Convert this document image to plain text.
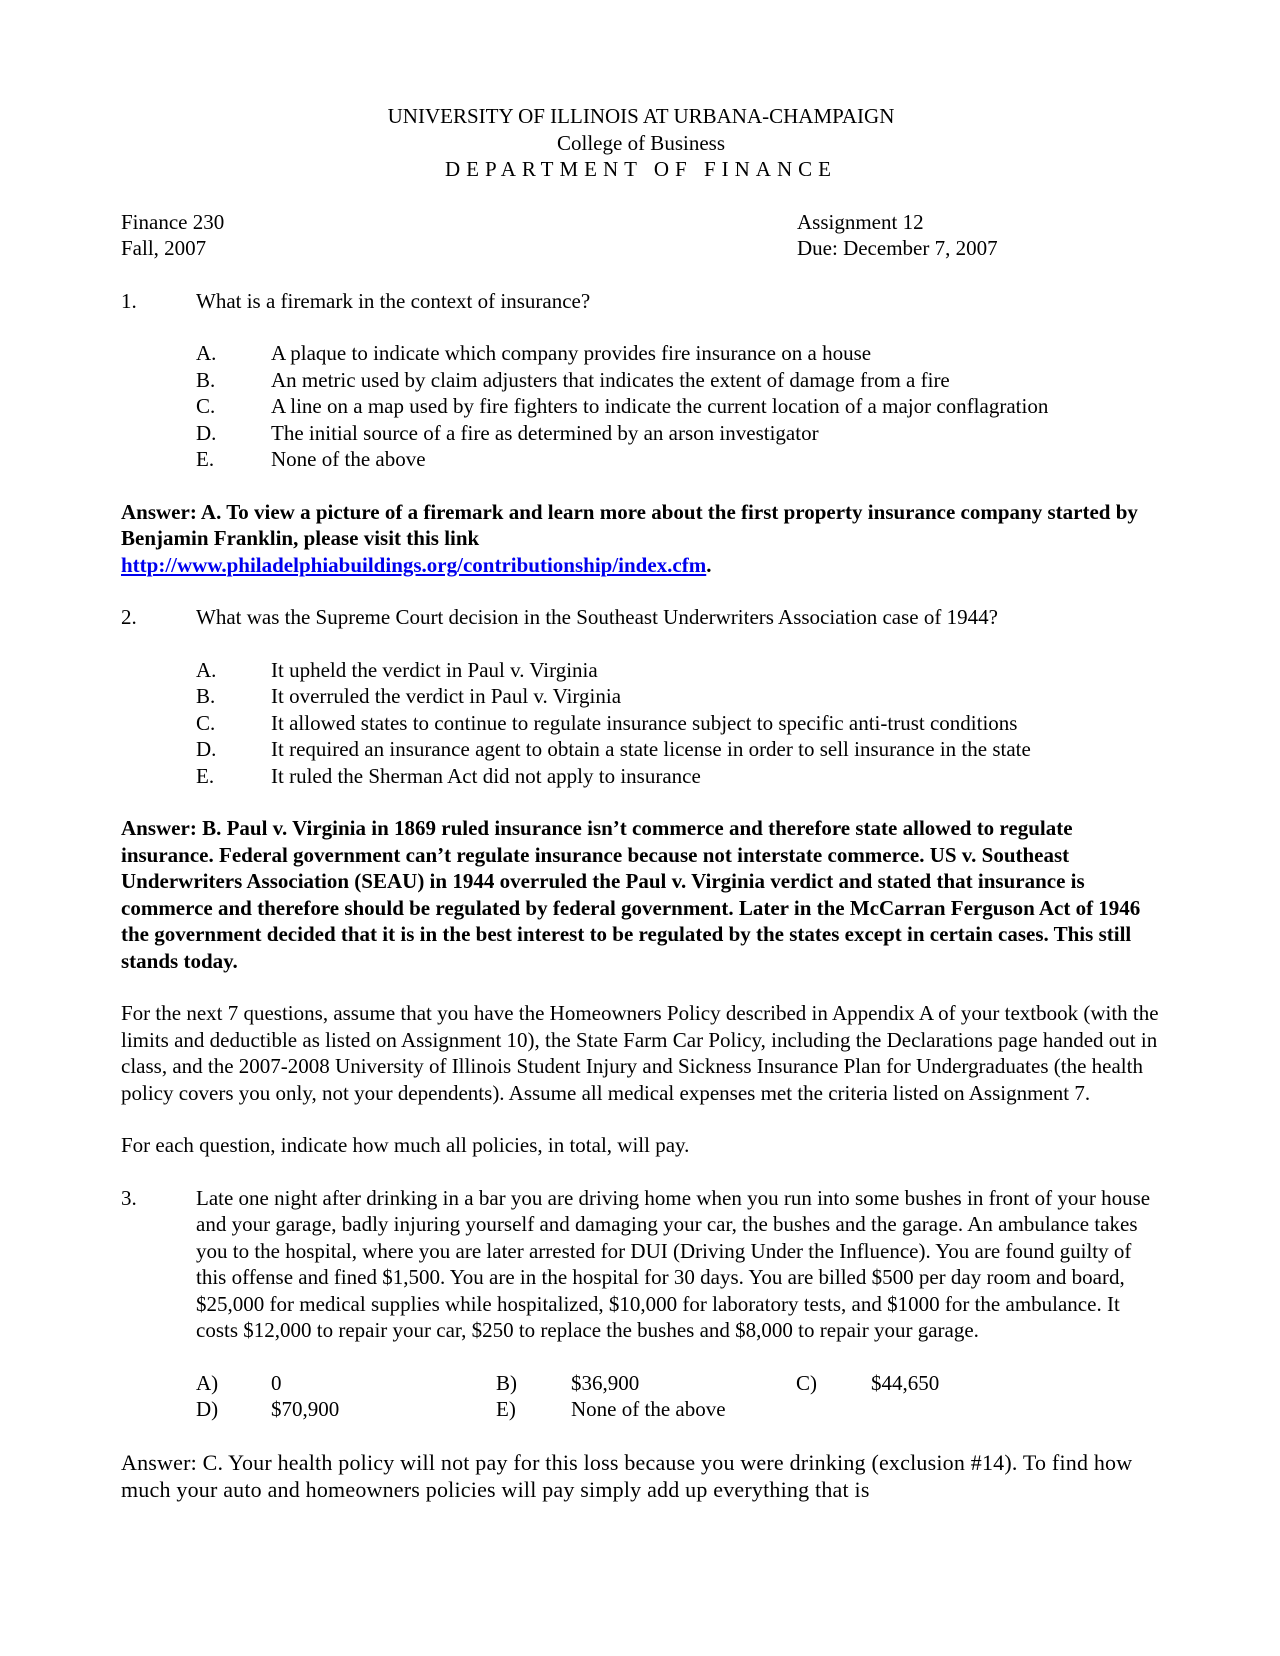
UNIVERSITY OF ILLINOIS AT URBANA-CHAMPAIGN
College of Business
DEPARTMENT OF FINANCE
Finance 230
Fall, 2007
Assignment 12
Due: December 7, 2007
1.	What is a firemark in the context of insurance?
A.	A plaque to indicate which company provides fire insurance on a house
B.	An metric used by claim adjusters that indicates the extent of damage from a fire
C.	A line on a map used by fire fighters to indicate the current location of a major conflagration
D.	The initial source of a fire as determined by an arson investigator
E.	None of the above
Answer: A. To view a picture of a firemark and learn more about the first property insurance company started by Benjamin Franklin, please visit this link
http://www.philadelphiabuildings.org/contributionship/index.cfm.
2.	What was the Supreme Court decision in the Southeast Underwriters Association case of 1944?
A.	It upheld the verdict in Paul v. Virginia
B.	It overruled the verdict in Paul v. Virginia
C.	It allowed states to continue to regulate insurance subject to specific anti-trust conditions
D.	It required an insurance agent to obtain a state license in order to sell insurance in the state
E.	It ruled the Sherman Act did not apply to insurance
Answer: B. Paul v. Virginia in 1869 ruled insurance isn’t commerce and therefore state allowed to regulate insurance. Federal government can’t regulate insurance because not interstate commerce. US v. Southeast Underwriters Association (SEAU) in 1944 overruled the Paul v. Virginia verdict and stated that insurance is commerce and therefore should be regulated by federal government. Later in the McCarran Ferguson Act of 1946 the government decided that it is in the best interest to be regulated by the states except in certain cases. This still stands today.
For the next 7 questions, assume that you have the Homeowners Policy described in Appendix A of your textbook (with the limits and deductible as listed on Assignment 10), the State Farm Car Policy, including the Declarations page handed out in class, and the 2007-2008 University of Illinois Student Injury and Sickness Insurance Plan for Undergraduates (the health policy covers you only, not your dependents). Assume all medical expenses met the criteria listed on Assignment 7.
For each question, indicate how much all policies, in total, will pay.
3.	Late one night after drinking in a bar you are driving home when you run into some bushes in front of your house and your garage, badly injuring yourself and damaging your car, the bushes and the garage. An ambulance takes you to the hospital, where you are later arrested for DUI (Driving Under the Influence). You are found guilty of this offense and fined $1,500. You are in the hospital for 30 days. You are billed $500 per day room and board, $25,000 for medical supplies while hospitalized, $10,000 for laboratory tests, and $1000 for the ambulance. It costs $12,000 to repair your car, $250 to replace the bushes and $8,000 to repair your garage.
A)	0	B)	$36,900	C)	$44,650
D)	$70,900	E)	None of the above
Answer: C. Your health policy will not pay for this loss because you were drinking (exclusion #14). To find how much your auto and homeowners policies will pay simply add up everything that is
